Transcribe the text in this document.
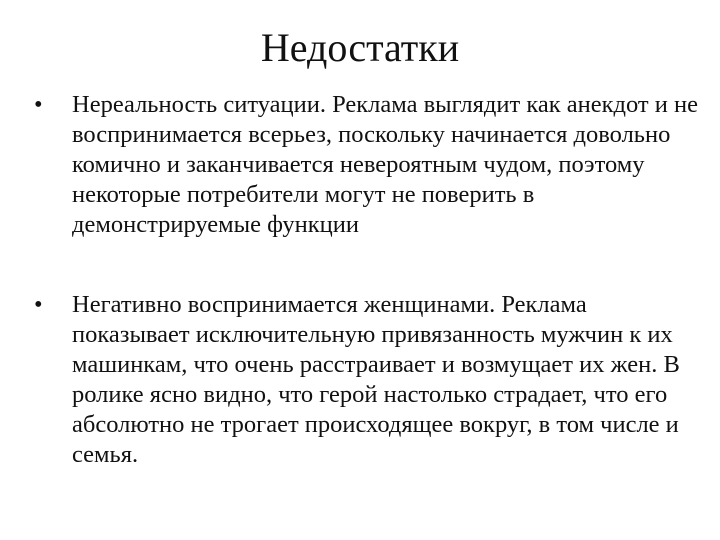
Недостатки
•	Нереальность ситуации. Реклама выглядит как анекдот и не воспринимается всерьез, поскольку начинается довольно комично и заканчивается невероятным чудом, поэтому некоторые потребители могут не поверить в демонстрируемые функции
•	Негативно воспринимается женщинами. Реклама показывает исключительную привязанность мужчин к их машинкам, что очень расстраивает и возмущает их жен. В ролике ясно видно, что герой настолько страдает, что его абсолютно не трогает происходящее вокруг, в том числе и семья.
